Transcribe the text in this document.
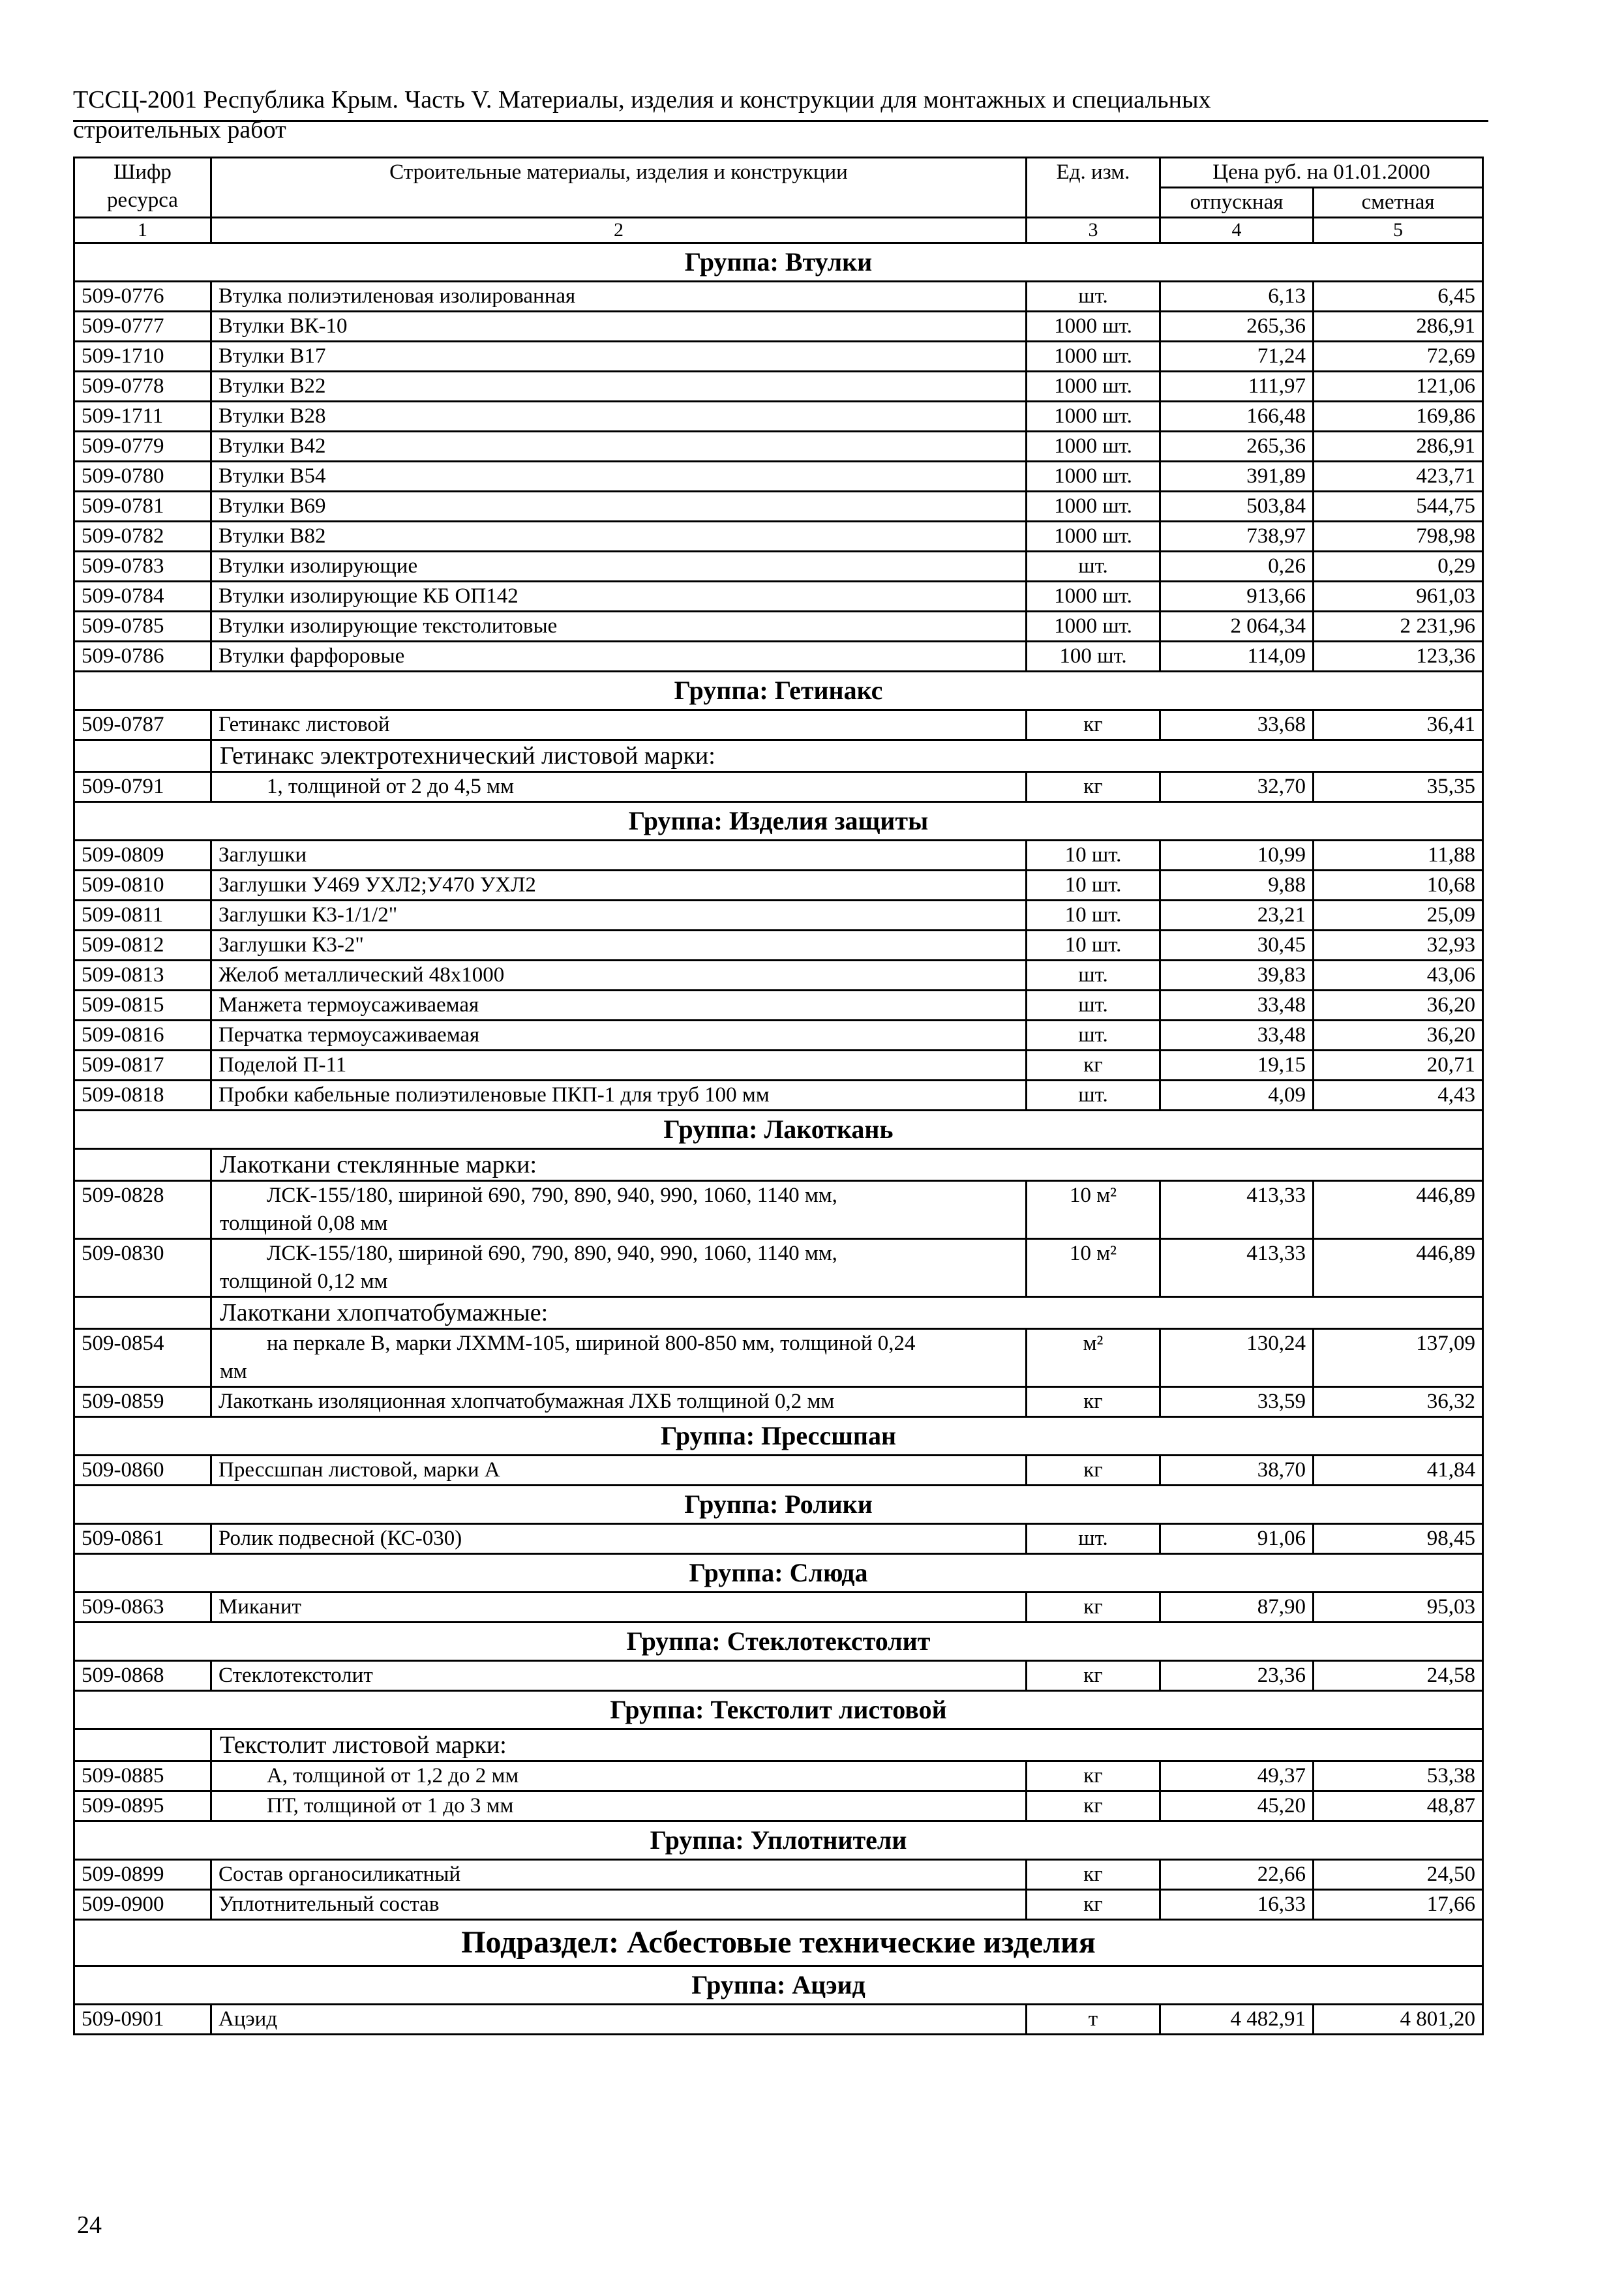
ТССЦ-2001 Республика Крым. Часть V. Материалы, изделия и конструкции для монтажных и специальных
строительных работ
Шифр ресурса	Строительные материалы, изделия и конструкции	Ед. изм.	Цена руб. на 01.01.2000	
			отпускная	сметная
1	2	3	4	5
Группа: Втулки				
509-0776	Втулка полиэтиленовая изолированная	шт.	6,13	6,45
509-0777	Втулки ВК-10	1000 шт.	265,36	286,91
509-1710	Втулки В17	1000 шт.	71,24	72,69
509-0778	Втулки В22	1000 шт.	111,97	121,06
509-1711	Втулки В28	1000 шт.	166,48	169,86
509-0779	Втулки В42	1000 шт.	265,36	286,91
509-0780	Втулки В54	1000 шт.	391,89	423,71
509-0781	Втулки В69	1000 шт.	503,84	544,75
509-0782	Втулки В82	1000 шт.	738,97	798,98
509-0783	Втулки изолирующие	шт.	0,26	0,29
509-0784	Втулки изолирующие КБ ОП142	1000 шт.	913,66	961,03
509-0785	Втулки изолирующие текстолитовые	1000 шт.	2 064,34	2 231,96
509-0786	Втулки фарфоровые	100 шт.	114,09	123,36
Группа: Гетинакс				
509-0787	Гетинакс листовой	кг	33,68	36,41
	Гетинакс электротехнический листовой марки:			
509-0791	1, толщиной от 2 до 4,5 мм	кг	32,70	35,35
Группа: Изделия защиты				
509-0809	Заглушки	10 шт.	10,99	11,88
509-0810	Заглушки У469 УХЛ2;У470 УХЛ2	10 шт.	9,88	10,68
509-0811	Заглушки К3-1/1/2"	10 шт.	23,21	25,09
509-0812	Заглушки К3-2"	10 шт.	30,45	32,93
509-0813	Желоб металлический 48х1000	шт.	39,83	43,06
509-0815	Манжета термоусаживаемая	шт.	33,48	36,20
509-0816	Перчатка термоусаживаемая	шт.	33,48	36,20
509-0817	Поделой П-11	кг	19,15	20,71
509-0818	Пробки кабельные полиэтиленовые ПКП-1 для труб 100 мм	шт.	4,09	4,43
Группа: Лакоткань				
	Лакоткани стеклянные марки:			
509-0828	ЛСК-155/180, шириной 690, 790, 890, 940, 990, 1060, 1140 мм,
толщиной 0,08 мм	10 м²	413,33	446,89
509-0830	ЛСК-155/180, шириной 690, 790, 890, 940, 990, 1060, 1140 мм,
толщиной 0,12 мм	10 м²	413,33	446,89
	Лакоткани хлопчатобумажные:			
509-0854	на перкале В, марки ЛХММ-105, шириной 800-850 мм, толщиной 0,24
мм	м²	130,24	137,09
509-0859	Лакоткань изоляционная хлопчатобумажная ЛХБ толщиной 0,2 мм	кг	33,59	36,32
Группа: Прессшпан				
509-0860	Прессшпан листовой, марки А	кг	38,70	41,84
Группа: Ролики				
509-0861	Ролик подвесной (КС-030)	шт.	91,06	98,45
Группа: Слюда				
509-0863	Миканит	кг	87,90	95,03
Группа: Стеклотекстолит				
509-0868	Стеклотекстолит	кг	23,36	24,58
Группа: Текстолит листовой				
	Текстолит листовой марки:			
509-0885	А, толщиной от 1,2 до 2 мм	кг	49,37	53,38
509-0895	ПТ, толщиной от 1 до 3 мм	кг	45,20	48,87
Группа: Уплотнители				
509-0899	Состав органосиликатный	кг	22,66	24,50
509-0900	Уплотнительный состав	кг	16,33	17,66
Подраздел: Асбестовые технические изделия				
Группа: Ацэид				
509-0901	Ацэид	т	4 482,91	4 801,20
24
